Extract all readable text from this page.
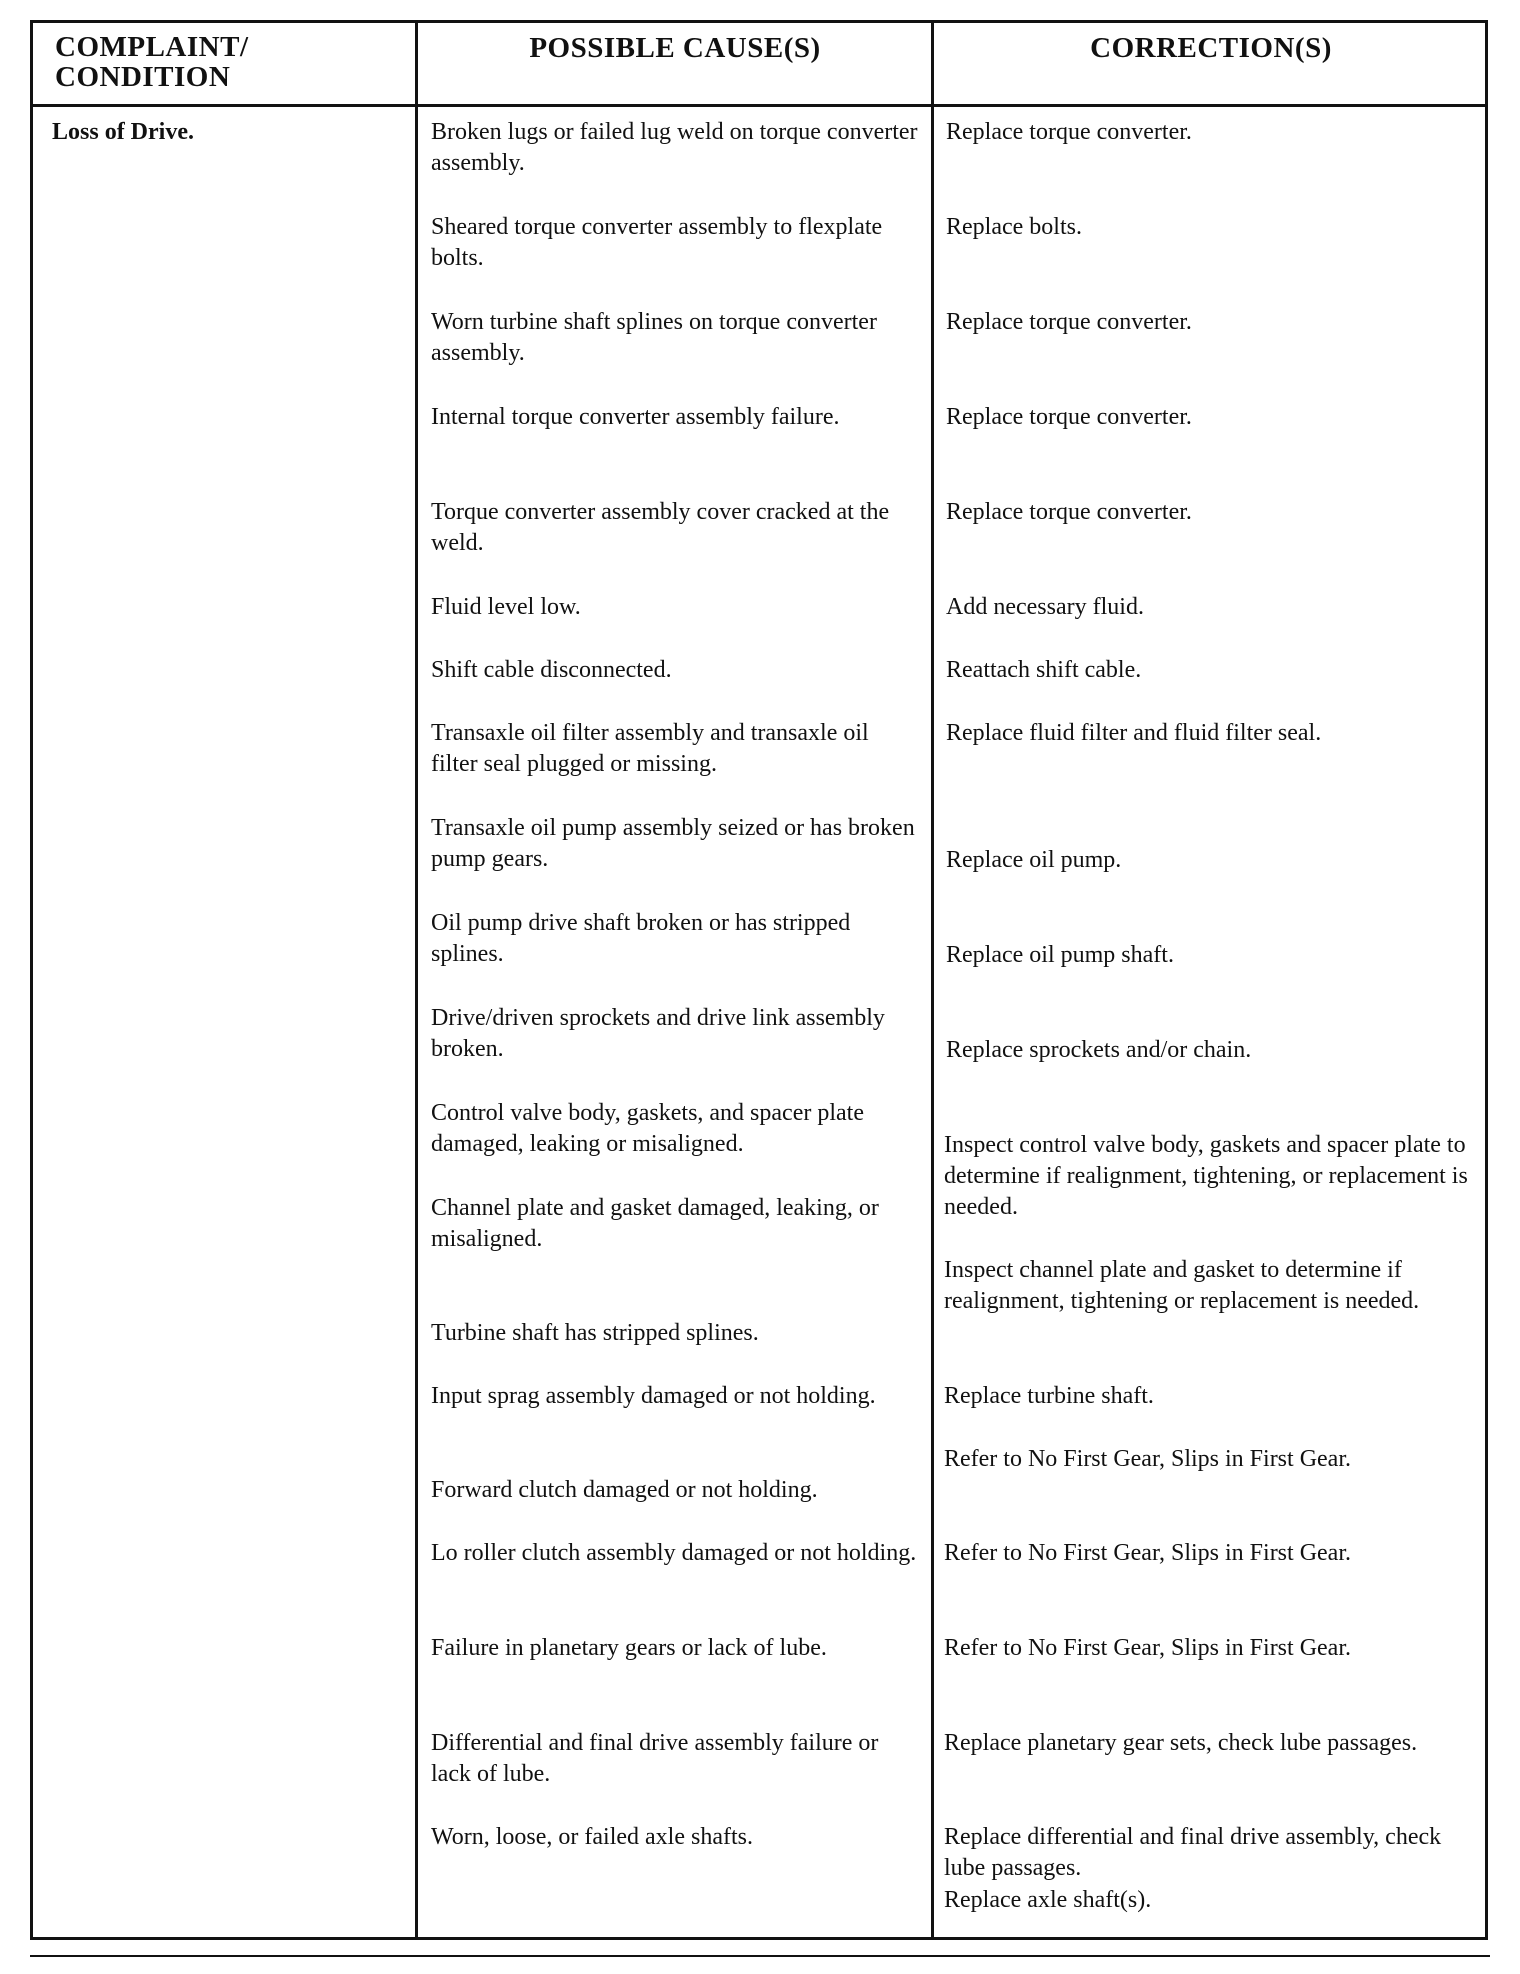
COMPLAINT/
CONDITION
POSSIBLE CAUSE(S)	CORRECTION(S)
Loss of Drive.	Broken lugs or failed lug weld on torque converter assembly.
Sheared torque converter assembly to flexplate bolts.
Worn turbine shaft splines on torque converter assembly.
Internal torque converter assembly failure.
Torque converter assembly cover cracked at the weld.
Fluid level low.
Shift cable disconnected.
Transaxle oil filter assembly and transaxle oil filter seal plugged or missing.
Transaxle oil pump assembly seized or has broken pump gears.
Oil pump drive shaft broken or has stripped splines.
Drive/driven sprockets and drive link assembly broken.
Control valve body, gaskets, and spacer plate damaged, leaking or misaligned.
Channel plate and gasket damaged, leaking, or misaligned.
Turbine shaft has stripped splines.
Input sprag assembly damaged or not holding.
Forward clutch damaged or not holding.
Lo roller clutch assembly damaged or not holding.
Failure in planetary gears or lack of lube.
Differential and final drive assembly failure or lack of lube.
Worn, loose, or failed axle shafts.
Replace torque converter.
Replace bolts.
Replace torque converter.
Replace torque converter.
Replace torque converter.
Add necessary fluid.
Reattach shift cable.
Replace fluid filter and fluid filter seal.
Replace oil pump.
Replace oil pump shaft.
Replace sprockets and/or chain.
Inspect control valve body, gaskets and spacer plate to determine if realignment, tightening, or replacement is needed.
Inspect channel plate and gasket to determine if realignment, tightening or replacement is needed.
Replace turbine shaft.
Refer to No First Gear, Slips in First Gear.
Refer to No First Gear, Slips in First Gear.
Refer to No First Gear, Slips in First Gear.
Replace planetary gear sets, check lube passages.
Replace differential and final drive assembly, check lube passages.
Replace axle shaft(s).
